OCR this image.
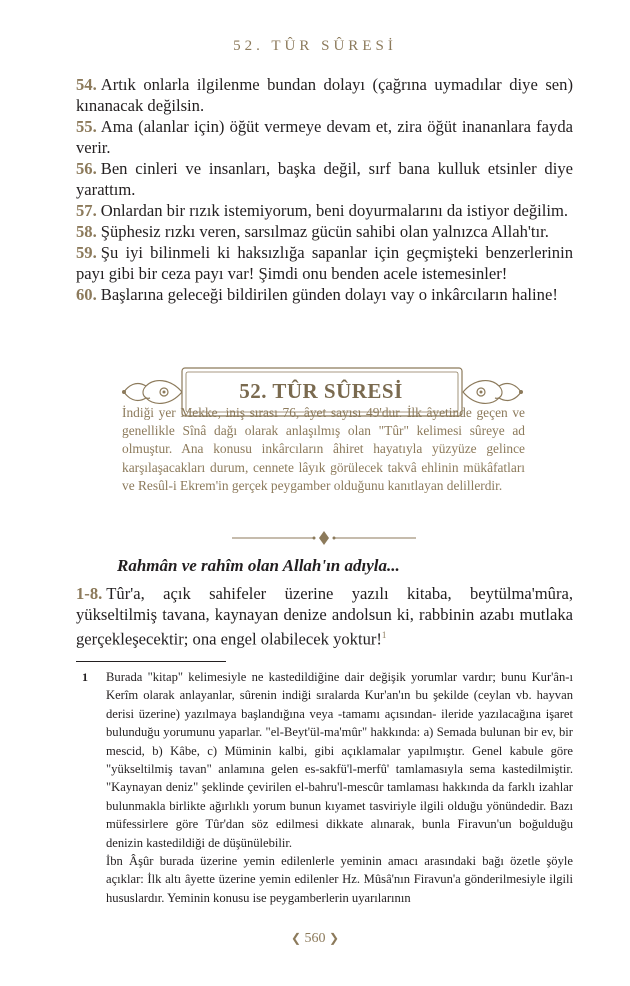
52. TÛR SÛRESİ

54. Artık onlarla ilgilenme bundan dolayı (çağrına uymadılar diye sen) kınanacak değilsin.

55. Ama (alanlar için) öğüt vermeye devam et, zira öğüt inananlara fayda verir.

56. Ben cinleri ve insanları, başka değil, sırf bana kulluk etsinler diye yarattım.

57. Onlardan bir rızık istemiyorum, beni doyurmalarını da istiyor değilim.

58. Şüphesiz rızkı veren, sarsılmaz gücün sahibi olan yalnızca Allah'tır.

59. Şu iyi bilinmeli ki haksızlığa sapanlar için geçmişteki benzerlerinin payı gibi bir ceza payı var! Şimdi onu benden acele istemesinler!

60. Başlarına geleceği bildirilen günden dolayı vay o inkârcıların haline!

52. TÛR SÛRESİ

İndiği yer Mekke, iniş sırası 76, âyet sayısı 49'dur. İlk âyetinde geçen ve genellikle Sînâ dağı olarak anlaşılmış olan "Tûr" kelimesi sûreye ad olmuştur. Ana konusu inkârcıların âhiret hayatıyla yüzyüze gelince karşılaşacakları durum, cennete lâyık görülecek takvâ ehlinin mükâfatları ve Resûl-i Ekrem'in gerçek peygamber olduğunu kanıtlayan delillerdir.

Rahmân ve rahîm olan Allah'ın adıyla...

1-8. Tûr'a, açık sahifeler üzerine yazılı kitaba, beytülma'mûra, yükseltilmiş tavana, kaynayan denize andolsun ki, rabbinin azabı mutlaka gerçekleşecektir; ona engel olabilecek yoktur!$^1$

1 Burada "kitap" kelimesiyle ne kastedildiğine dair değişik yorumlar vardır; bunu Kur'ân-ı Kerîm olarak anlayanlar, sûrenin indiği sıralarda Kur'an'ın bu şekilde (ceylan vb. hayvan derisi üzerine) yazılmaya başlandığına veya -tamamı açısından- ileride yazılacağına işaret bulunduğu yorumunu yaparlar. "el-Beyt'ül-ma'mûr" hakkında: a) Semada bulunan bir ev, bir mescid, b) Kâbe, c) Müminin kalbi, gibi açıklamalar yapılmıştır. Genel kabule göre "yükseltilmiş tavan" anlamına gelen es-sakfü'l-merfû' tamlamasıyla sema kastedilmiştir. "Kaynayan deniz" şeklinde çevirilen el-bahru'l-mescûr tamlaması hakkında da farklı izahlar bulunmakla birlikte ağırlıklı yorum bunun kıyamet tasviriyle ilgili olduğu yönündedir. Bazı müfessirlere göre Tûr'dan söz edilmesi dikkate alınarak, bunla Firavun'un boğulduğu denizin kastedildiği de düşünülebilir.

İbn Âşûr burada üzerine yemin edilenlerle yeminin amacı arasındaki bağı özetle şöyle açıklar: İlk altı âyette üzerine yemin edilenler Hz. Mûsâ'nın Firavun'a gönderilmesiyle ilgili hususlardır. Yeminin konusu ise peygamberlerin uyarılarının

❮ 560 ❯
